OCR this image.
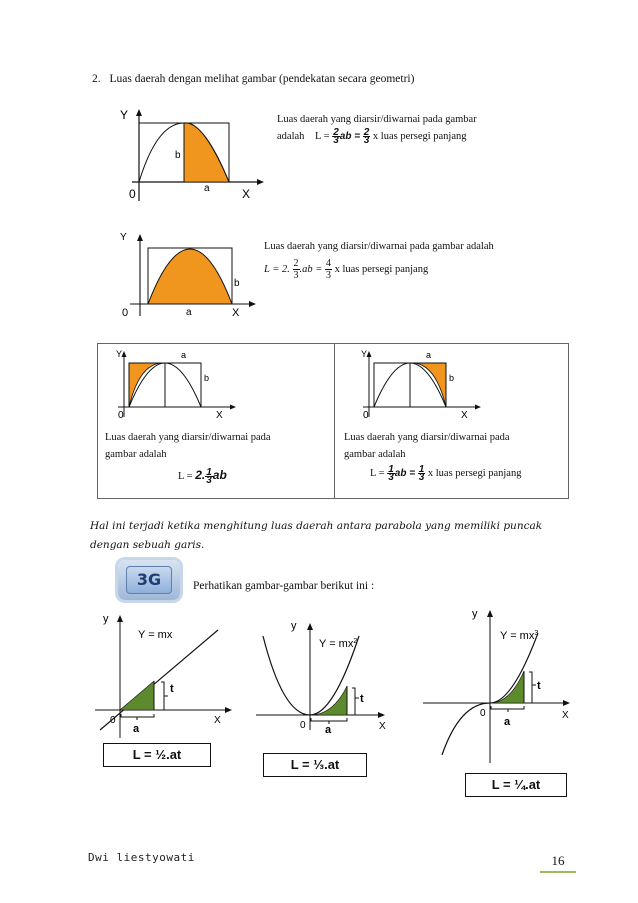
2. Luas daerah dengan melihat gambar (pendekatan secara geometri)
Y
0	X
b
a
Luas daerah yang diarsir/diwarnai pada gambar
adalah $L = \frac{2}{3}$ ab = $\frac{2}{3}$ x luas persegi panjang
Y
0	X
a
b
Luas daerah yang diarsir/diwarnai pada gambar adalah
L = 2. $\frac{2}{3} .ab = \frac{4}{3}$ x luas persegi panjang
Y
0	X
a
b
Y
0	X
a
b
Luas daerah yang diarsir/diwarnai pada
gambar adalah
L = 2. $\frac{1}{3}$ ab
Luas daerah yang diarsir/diwarnai pada
gambar adalah
$L = \frac{1}{3}$ ab = $\frac{1}{3}$ x luas persegi panjang
Hal ini terjadi ketika menghitung luas daerah antara parabola yang memiliki puncak
dengan sebuah garis.
3G	Perhatikan gambar-gambar berikut ini :
y
Y = mx
t
0
a
X
L = ½.at
y
$Y = mx^2$
t
0 a	X
L = ⅓.at
y
$Y = mx^3$
t
0
a
X
L = ¼.at
Dwi liestyowati	16
